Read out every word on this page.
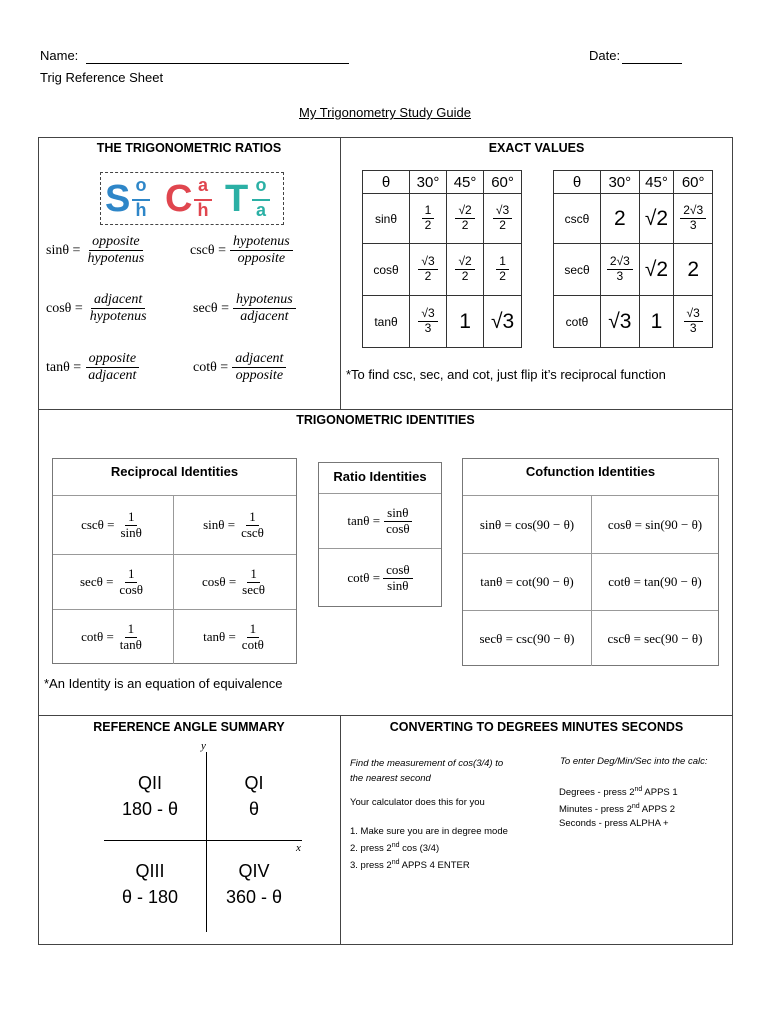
Name:	Date:
Trig Reference Sheet
My Trigonometry Study Guide
THE TRIGONOMETRIC RATIOS
S o
h C a
h T o
a
$\sin\theta = \frac{\text{opposite}}{\text{hypotenus}}$	$\csc\theta = \frac{\text{hypotenus}}{\text{opposite}}$
$\cos\theta = \frac{\text{adjacent}}{\text{hypotenus}}$	$\sec\theta = \frac{\text{hypotenus}}{\text{adjacent}}$
$\tan\theta = \frac{\text{opposite}}{\text{adjacent}}$	$\cot\theta = \frac{\text{adjacent}}{\text{opposite}}$
EXACT VALUES
θ	30°	45°	60°
sinθ	$\frac{1}{2}$	$\frac{√2}{2}$	$\frac{√3}{2}$

cosθ	$\frac{√3}{2}$	$\frac{√2}{2}$	$\frac{1}{2}$

tanθ	$\frac{√3}{3}$	1	√3
θ	30°	45°	60°
cscθ	2	√2	$\frac{2√3}{3}$

secθ	$\frac{2√3}{3}$	√2	2
cotθ	√3	1	$\frac{√3}{3}$
*To find csc, sec, and cot, just flip it’s reciprocal function
TRIGONOMETRIC IDENTITIES
Reciprocal Identities
$\csc\theta = \frac{1}{\sin\theta}$	$\sin\theta = \frac{1}{\csc\theta}$
$\sec\theta = \frac{1}{\cos\theta}$	$\cos\theta = \frac{1}{\sec\theta}$
$\cot\theta = \frac{1}{\tan\theta}$	$\tan\theta = \frac{1}{\cot\theta}$
Ratio Identities
$\tan\theta = \frac{\sin\theta}{\cos\theta}$
$\cot\theta = \frac{\cos\theta}{\sin\theta}$
Cofunction Identities
sinθ = cos(90 − θ)	cosθ = sin(90 − θ)
tanθ = cot(90 − θ)	cotθ = tan(90 − θ)
secθ = csc(90 − θ)	cscθ = sec(90 − θ)
*An Identity is an equation of equivalence
REFERENCE ANGLE SUMMARY
y
x
QII
180 - θ
QI
θ
QIII
θ - 180
QIV
360 - θ
CONVERTING TO DEGREES MINUTES SECONDS
Find the measurement of cos(3/4) to
the nearest second
Your calculator does this for you
1. Make sure you are in degree mode
2. press 2nd cos (3/4)
3. press 2nd APPS 4 ENTER
To enter Deg/Min/Sec into the calc:
Degrees - press 2nd APPS 1
Minutes - press 2nd APPS 2
Seconds - press ALPHA +
